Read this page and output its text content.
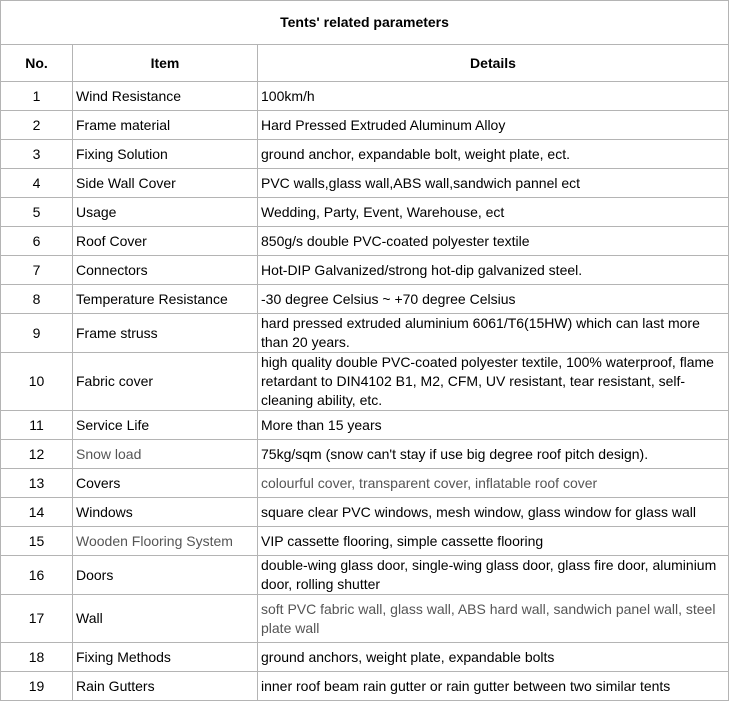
Tents' related parameters		
No.	Item	Details
1	Wind Resistance	100km/h
2	Frame material	Hard Pressed Extruded Aluminum Alloy
3	Fixing Solution	ground anchor, expandable bolt, weight plate, ect.
4	Side Wall Cover	PVC walls,glass wall,ABS wall,sandwich pannel ect
5	Usage	Wedding, Party, Event, Warehouse, ect
6	Roof Cover	850g/s double PVC-coated polyester textile
7	Connectors	Hot-DIP Galvanized/strong hot-dip galvanized steel.
8	Temperature Resistance	-30 degree Celsius ~ +70 degree Celsius
9	Frame struss	hard pressed extruded aluminium 6061/T6(15HW) which can last more than 20 years.
10	Fabric cover	high quality double PVC-coated polyester textile, 100% waterproof, flame retardant to DIN4102 B1, M2, CFM, UV resistant, tear resistant, self-cleaning ability, etc.
11	Service Life	More than 15 years
12	Snow load	75kg/sqm (snow can't stay if use big degree roof pitch design).
13	Covers	colourful cover, transparent cover, inflatable roof cover
14	Windows	square clear PVC windows, mesh window, glass window for glass wall
15	Wooden Flooring System	VIP cassette flooring, simple cassette flooring
16	Doors	double-wing glass door, single-wing glass door, glass fire door, aluminium door, rolling shutter
17	Wall	soft PVC fabric wall, glass wall, ABS hard wall, sandwich panel wall, steel plate wall
18	Fixing Methods	ground anchors, weight plate, expandable bolts
19	Rain Gutters	inner roof beam rain gutter or rain gutter between two similar tents
